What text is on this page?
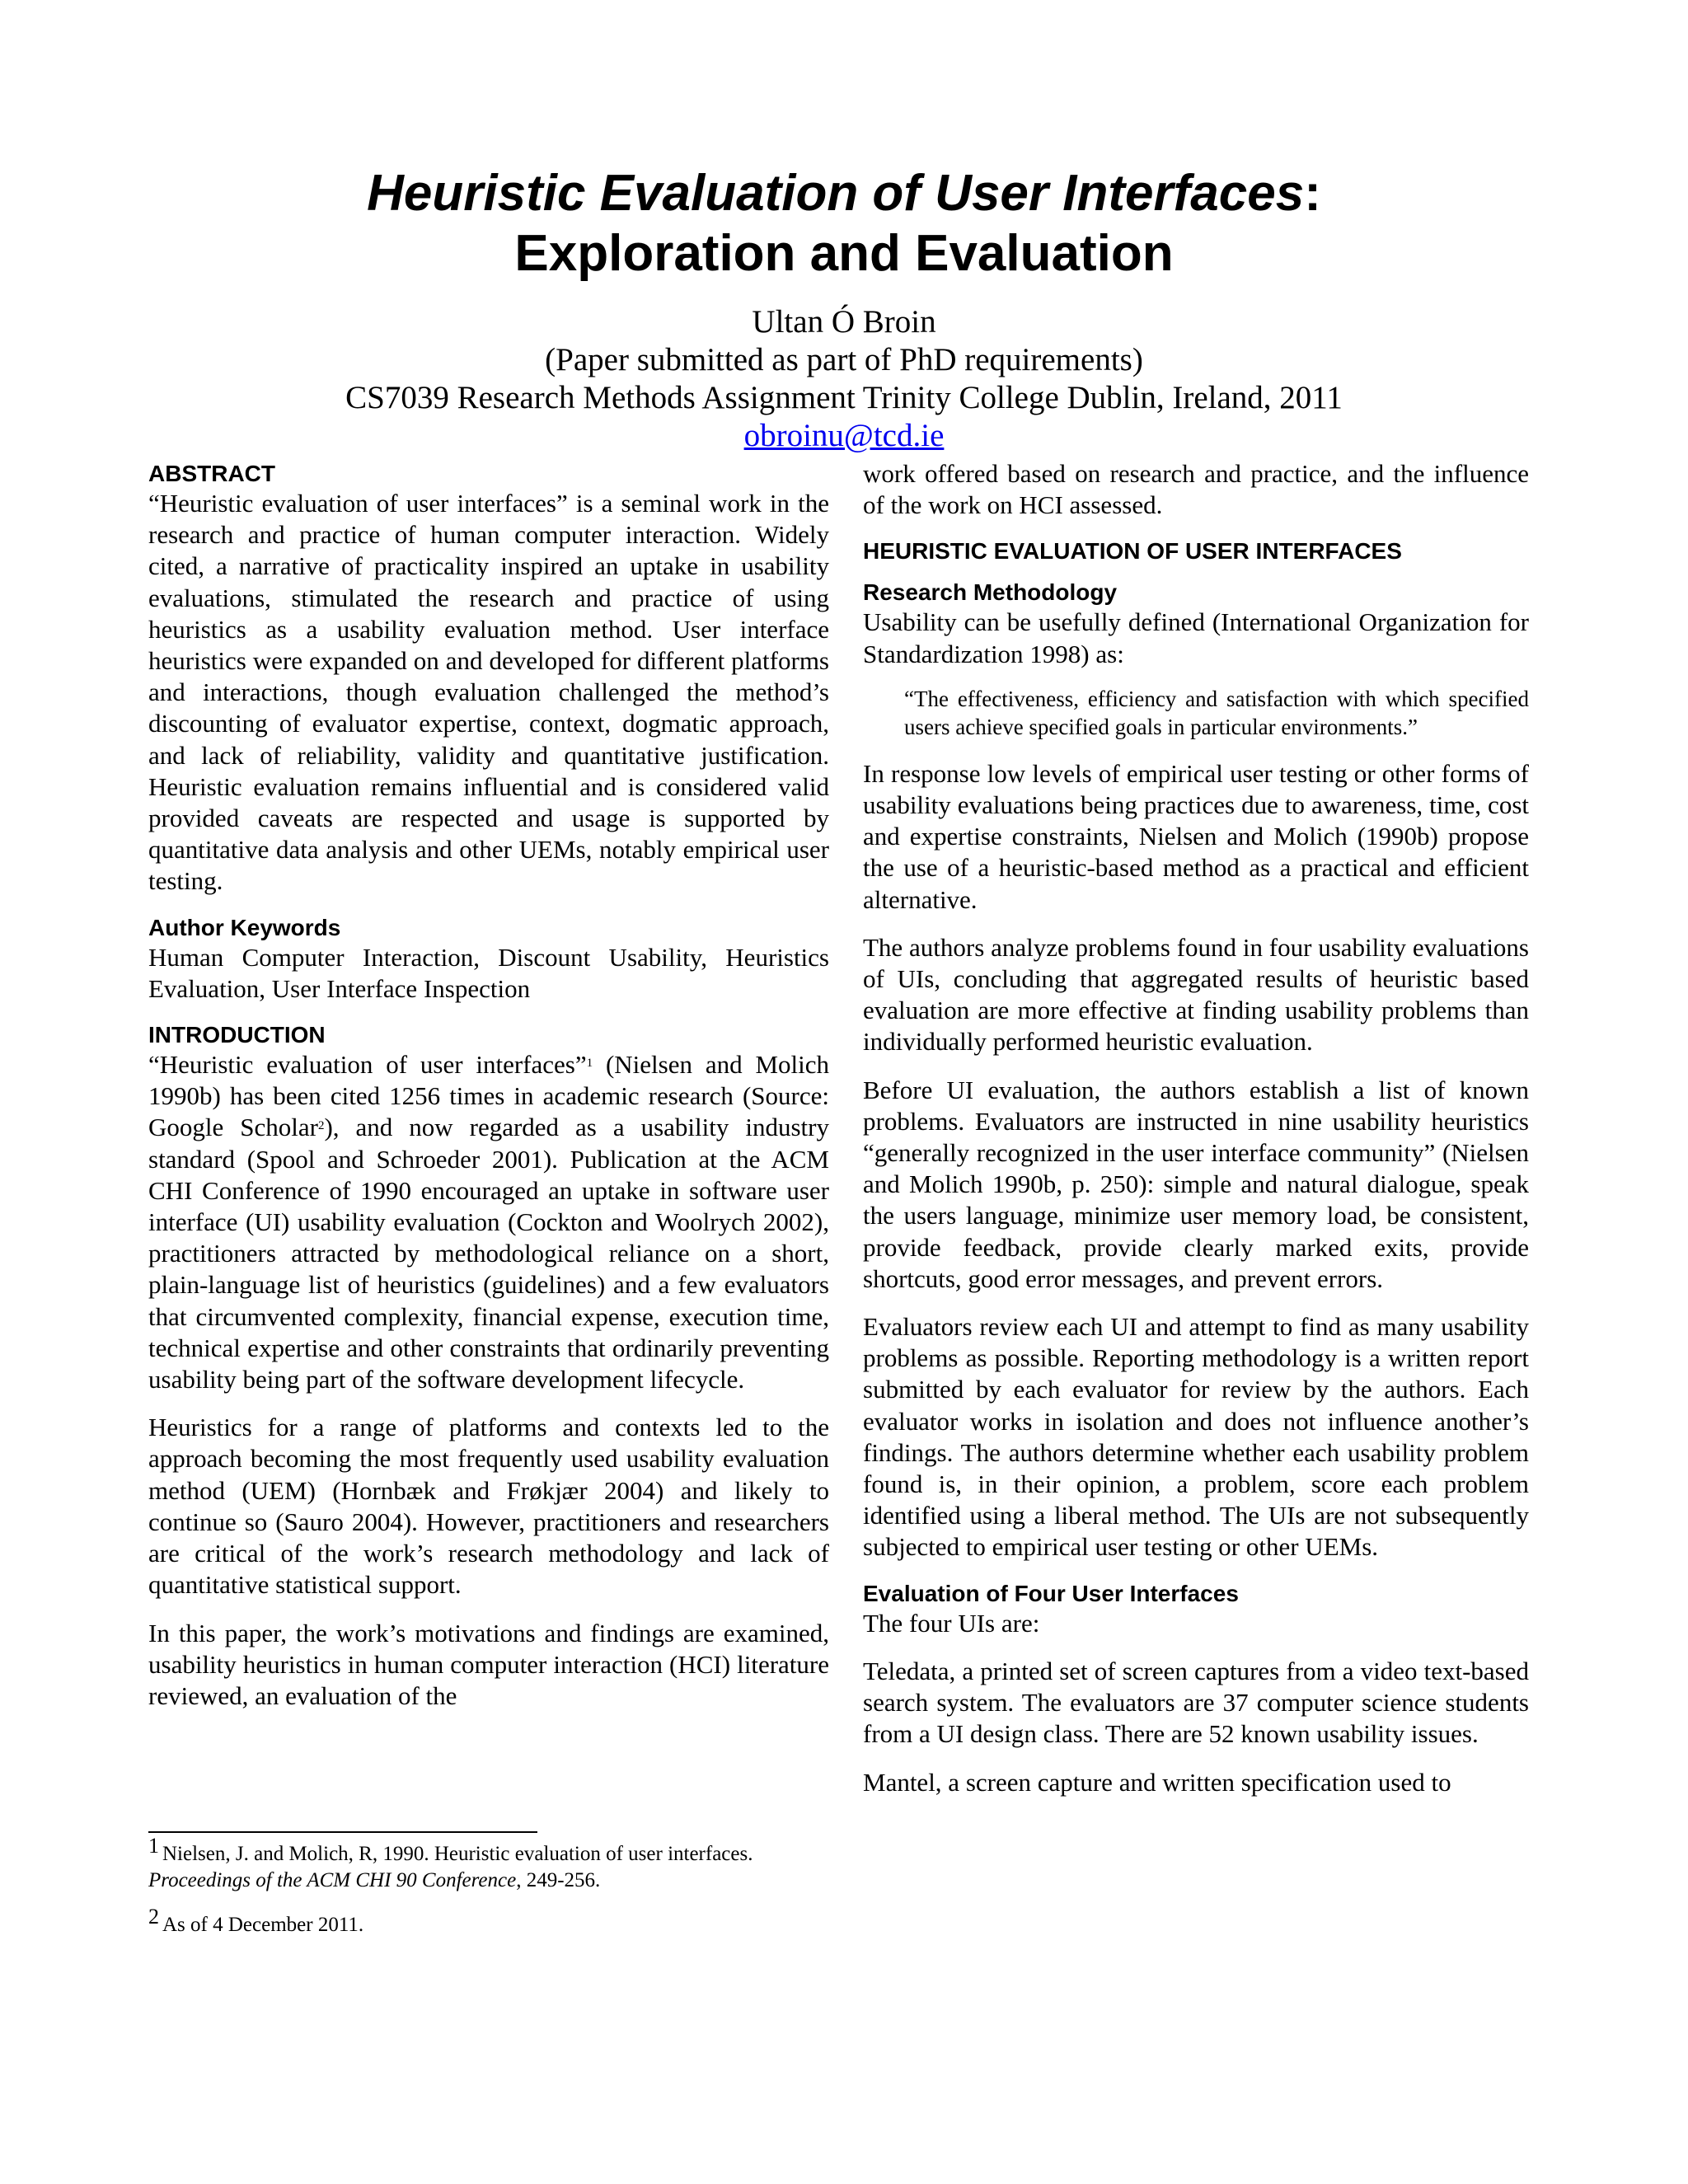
Heuristic Evaluation of User Interfaces:
Exploration and Evaluation
Ultan Ó Broin
(Paper submitted as part of PhD requirements)
CS7039 Research Methods Assignment Trinity College Dublin, Ireland, 2011
obroinu@tcd.ie
ABSTRACT

“Heuristic evaluation of user interfaces” is a seminal work in the research and practice of human computer interaction. Widely cited, a narrative of practicality inspired an uptake in usability evaluations, stimulated the research and practice of using heuristics as a usability evaluation method. User interface heuristics were expanded on and developed for different platforms and interactions, though evaluation challenged the method’s discounting of evaluator expertise, context, dogmatic approach, and lack of reliability, validity and quantitative justification. Heuristic evaluation remains influential and is considered valid provided caveats are respected and usage is supported by quantitative data analysis and other UEMs, notably empirical user testing.

Author Keywords

Human Computer Interaction, Discount Usability, Heuristics Evaluation, User Interface Inspection

INTRODUCTION

“Heuristic evaluation of user interfaces”$^1$ (Nielsen and Molich 1990b) has been cited 1256 times in academic research (Source: Google Scholar$^2$), and now regarded as a usability industry standard (Spool and Schroeder 2001). Publication at the ACM CHI Conference of 1990 encouraged an uptake in software user interface (UI) usability evaluation (Cockton and Woolrych 2002), practitioners attracted by methodological reliance on a short, plain-language list of heuristics (guidelines) and a few evaluators that circumvented complexity, financial expense, execution time, technical expertise and other constraints that ordinarily preventing usability being part of the software development lifecycle.

Heuristics for a range of platforms and contexts led to the approach becoming the most frequently used usability evaluation method (UEM) (Hornbæk and Frøkjær 2004) and likely to continue so (Sauro 2004). However, practitioners and researchers are critical of the work’s research methodology and lack of quantitative statistical support.

In this paper, the work’s motivations and findings are examined, usability heuristics in human computer interaction (HCI) literature reviewed, an evaluation of the

1 Nielsen, J. and Molich, R, 1990. Heuristic evaluation of user interfaces. Proceedings of the ACM CHI 90 Conference, 249-256.
2 As of 4 December 2011.

work offered based on research and practice, and the influence of the work on HCI assessed.

HEURISTIC EVALUATION OF USER INTERFACES
Research Methodology

Usability can be usefully defined (International Organization for Standardization 1998) as:

“The effectiveness, efficiency and satisfaction with which specified users achieve specified goals in particular environments.”

In response low levels of empirical user testing or other forms of usability evaluations being practices due to awareness, time, cost and expertise constraints, Nielsen and Molich (1990b) propose the use of a heuristic-based method as a practical and efficient alternative.

The authors analyze problems found in four usability evaluations of UIs, concluding that aggregated results of heuristic based evaluation are more effective at finding usability problems than individually performed heuristic evaluation.

Before UI evaluation, the authors establish a list of known problems. Evaluators are instructed in nine usability heuristics “generally recognized in the user interface community” (Nielsen and Molich 1990b, p. 250): simple and natural dialogue, speak the users language, minimize user memory load, be consistent, provide feedback, provide clearly marked exits, provide shortcuts, good error messages, and prevent errors.

Evaluators review each UI and attempt to find as many usability problems as possible. Reporting methodology is a written report submitted by each evaluator for review by the authors. Each evaluator works in isolation and does not influence another’s findings. The authors determine whether each usability problem found is, in their opinion, a problem, score each problem identified using a liberal method. The UIs are not subsequently subjected to empirical user testing or other UEMs.

Evaluation of Four User Interfaces

The four UIs are:

Teledata, a printed set of screen captures from a video text-based search system. The evaluators are 37 computer science students from a UI design class. There are 52 known usability issues.

Mantel, a screen capture and written specification used to
